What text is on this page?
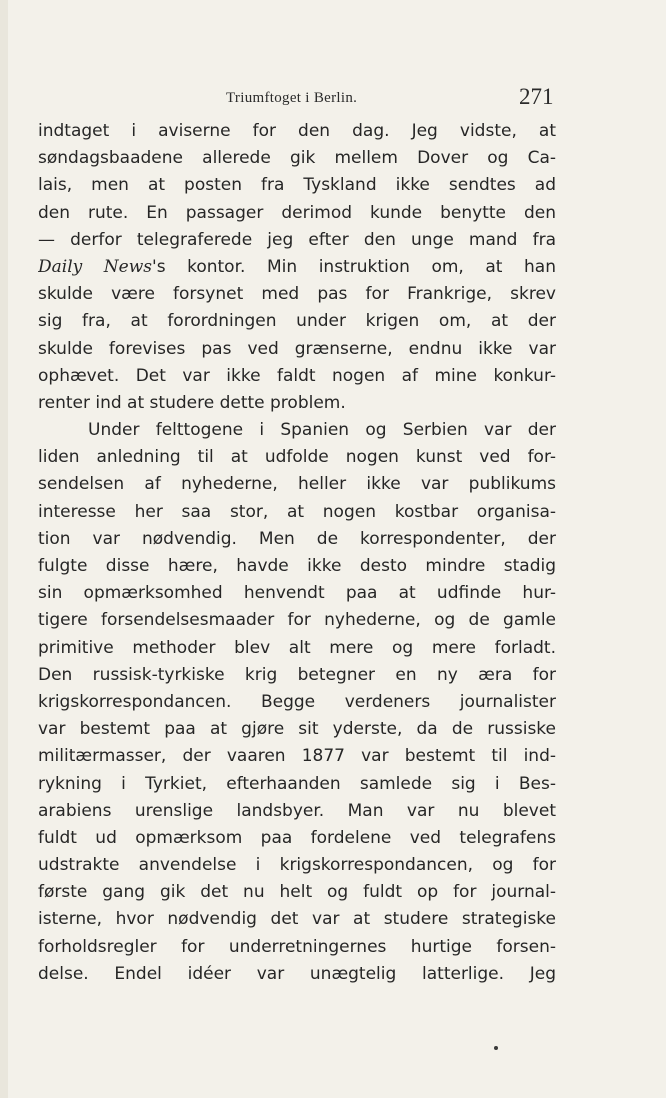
Triumftoget i Berlin.	271
indtaget i aviserne for den dag. Jeg vidste, at
søndagsbaadene allerede gik mellem Dover og Ca-
lais, men at posten fra Tyskland ikke sendtes ad
den rute. En passager derimod kunde benytte den
— derfor telegraferede jeg efter den unge mand fra
Daily News's kontor. Min instruktion om, at han
skulde være forsynet med pas for Frankrige, skrev
sig fra, at forordningen under krigen om, at der
skulde forevises pas ved grænserne, endnu ikke var
ophævet. Det var ikke faldt nogen af mine konkur-
renter ind at studere dette problem.
Under felttogene i Spanien og Serbien var der
liden anledning til at udfolde nogen kunst ved for-
sendelsen af nyhederne, heller ikke var publikums
interesse her saa stor, at nogen kostbar organisa-
tion var nødvendig. Men de korrespondenter, der
fulgte disse hære, havde ikke desto mindre stadig
sin opmærksomhed henvendt paa at udfinde hur-
tigere forsendelsesmaader for nyhederne, og de gamle
primitive methoder blev alt mere og mere forladt.
Den russisk-tyrkiske krig betegner en ny æra for
krigskorrespondancen. Begge verdeners journalister
var bestemt paa at gjøre sit yderste, da de russiske
militærmasser, der vaaren 1877 var bestemt til ind-
rykning i Tyrkiet, efterhaanden samlede sig i Bes-
arabiens urenslige landsbyer. Man var nu blevet
fuldt ud opmærksom paa fordelene ved telegrafens
udstrakte anvendelse i krigskorrespondancen, og for
første gang gik det nu helt og fuldt op for journal-
isterne, hvor nødvendig det var at studere strategiske
forholdsregler for underretningernes hurtige forsen-
delse. Endel idéer var unægtelig latterlige. Jeg
